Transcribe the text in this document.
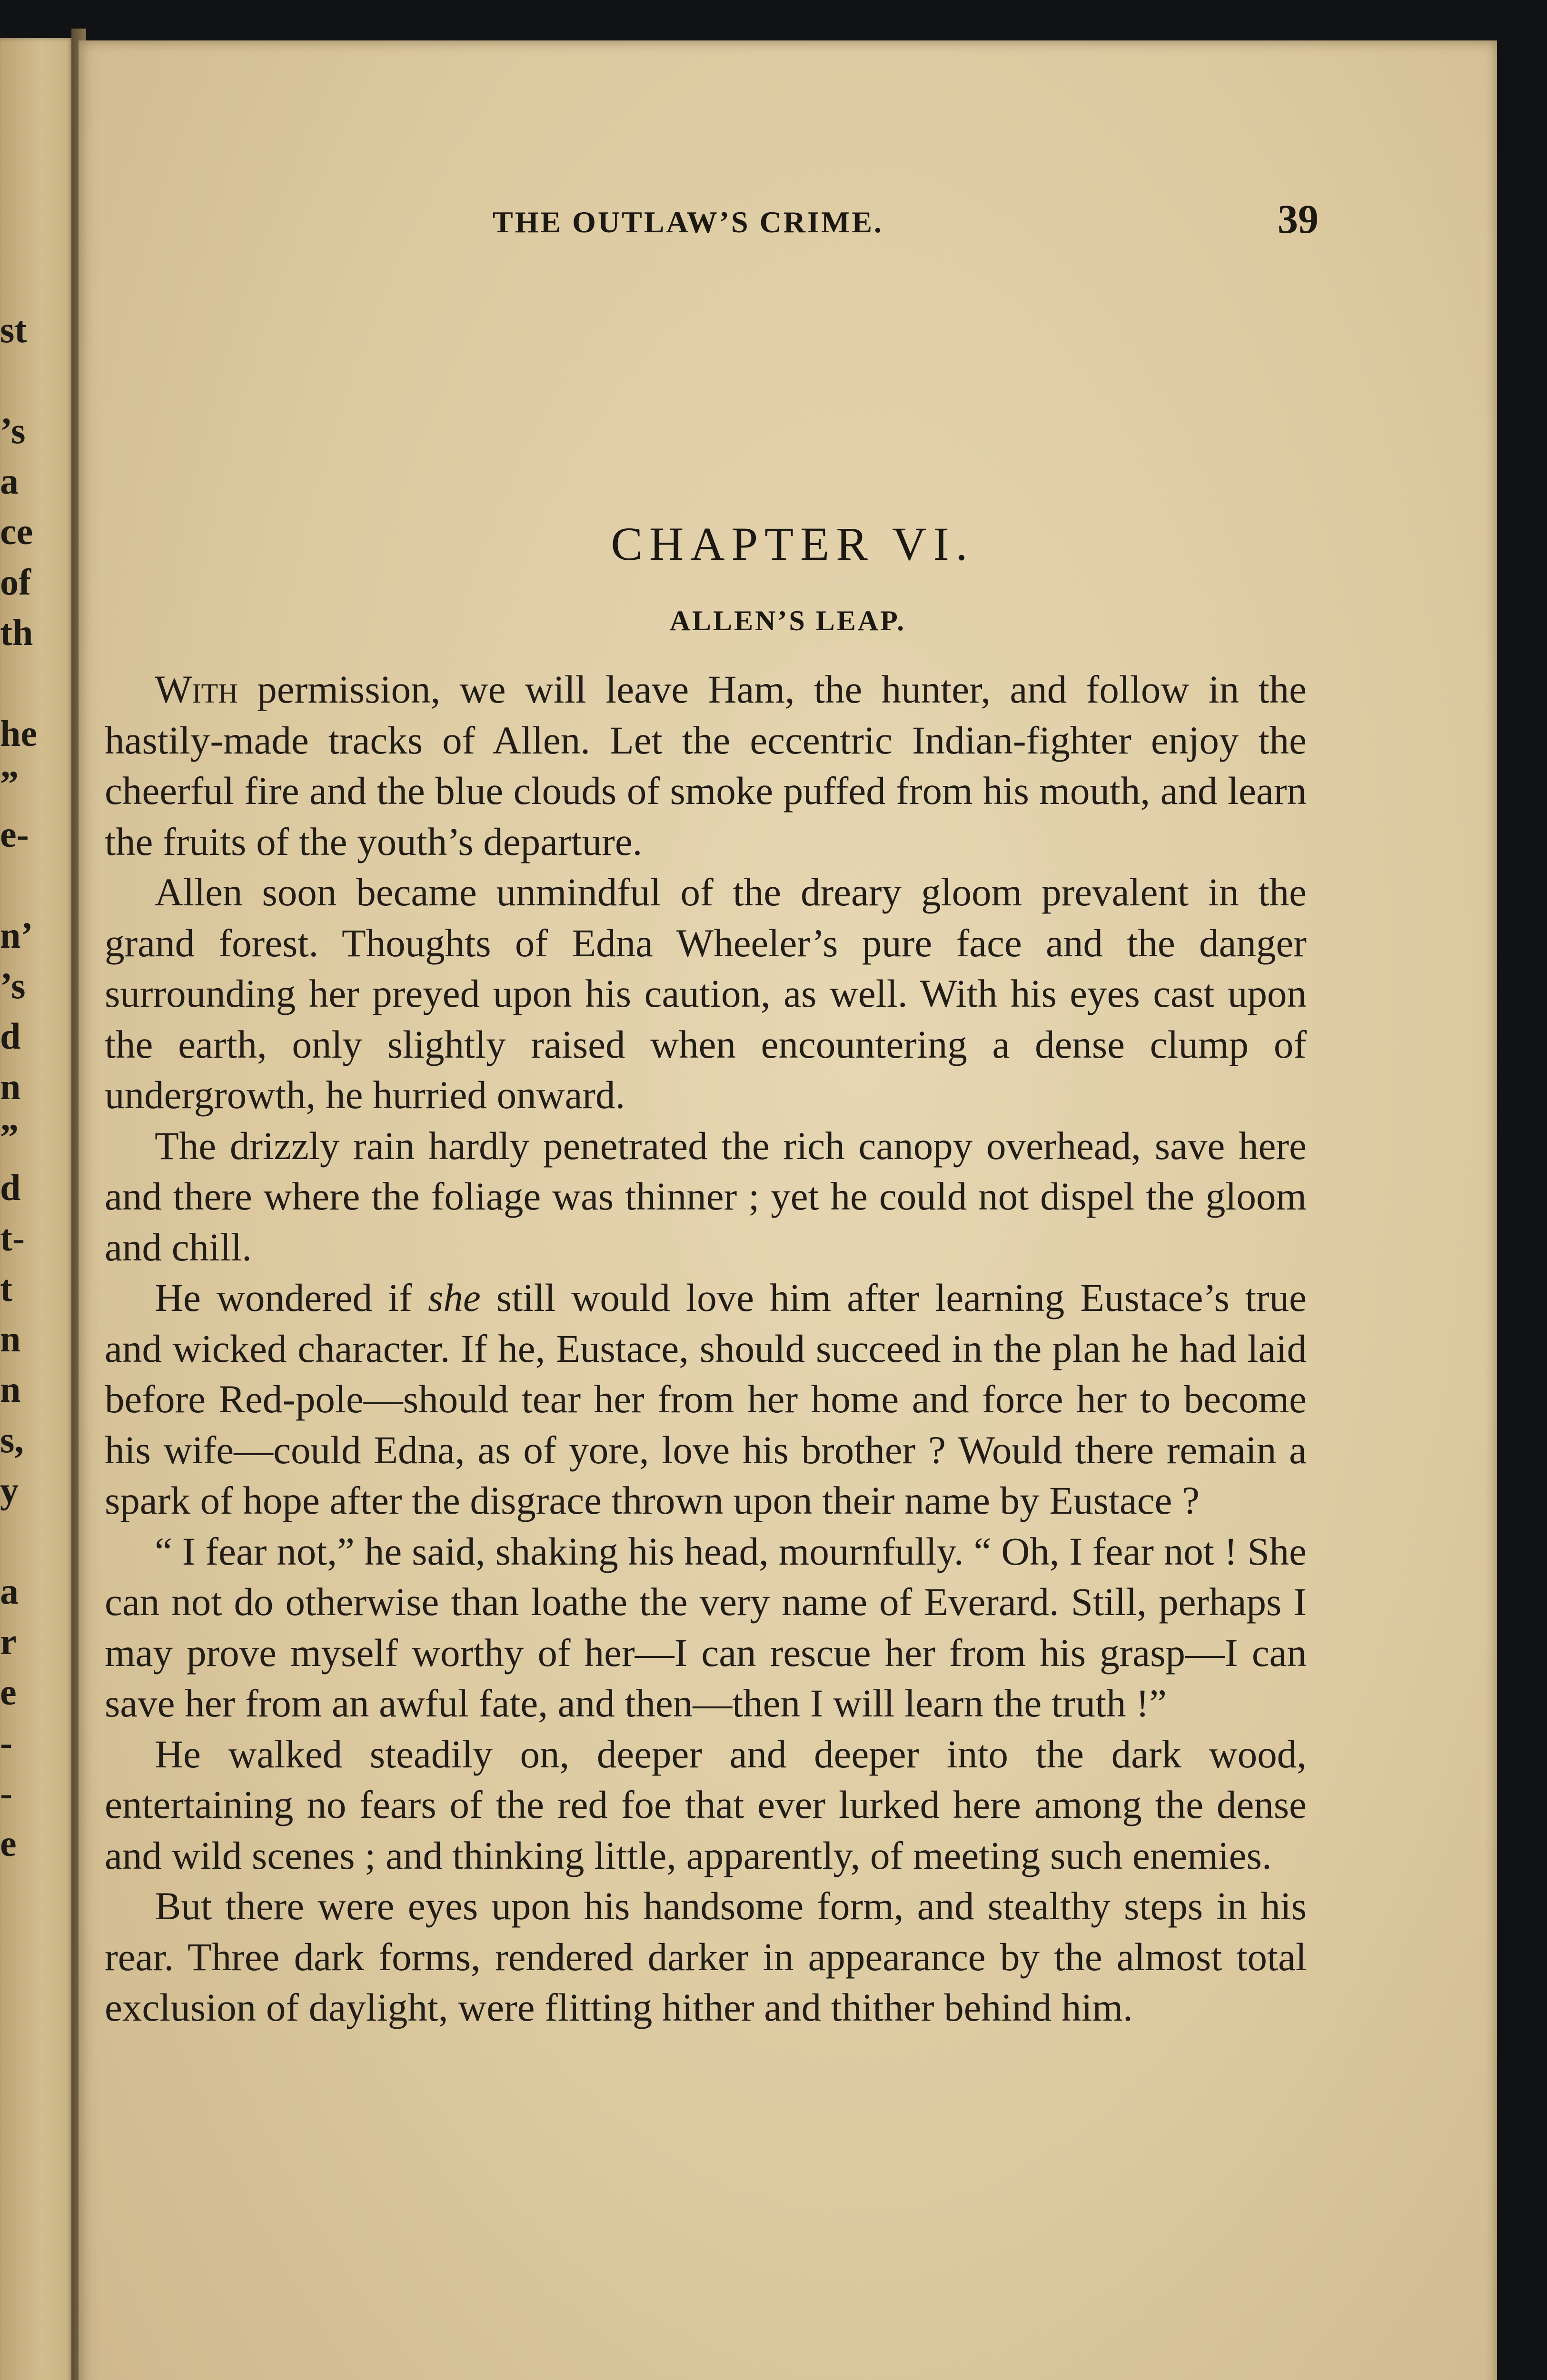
st
’s
a
ce
of
th
he
”
e-
n’
’s
d
n
”
d
t-
t
n
n
s,
y
a
r
e
-
-
e
THE OUTLAW’S CRIME.	39
CHAPTER VI.
ALLEN’S LEAP.

With permission, we will leave Ham, the hunter, and follow in the hastily-made tracks of Allen. Let the eccentric Indian-fighter enjoy the cheerful fire and the blue clouds of smoke puffed from his mouth, and learn the fruits of the youth’s departure.

Allen soon became unmindful of the dreary gloom prevalent in the grand forest. Thoughts of Edna Wheeler’s pure face and the danger surrounding her preyed upon his caution, as well. With his eyes cast upon the earth, only slightly raised when encountering a dense clump of undergrowth, he hurried onward.

The drizzly rain hardly penetrated the rich canopy overhead, save here and there where the foliage was thinner ; yet he could not dispel the gloom and chill.

He wondered if she still would love him after learning Eustace’s true and wicked character. If he, Eustace, should succeed in the plan he had laid before Red-pole—should tear her from her home and force her to become his wife—could Edna, as of yore, love his brother ? Would there remain a spark of hope after the disgrace thrown upon their name by Eustace ?

“ I fear not,” he said, shaking his head, mournfully. “ Oh, I fear not ! She can not do otherwise than loathe the very name of Everard. Still, perhaps I may prove myself worthy of her—I can rescue her from his grasp—I can save her from an awful fate, and then—then I will learn the truth !”

He walked steadily on, deeper and deeper into the dark wood, entertaining no fears of the red foe that ever lurked here among the dense and wild scenes ; and thinking little, apparently, of meeting such enemies.

But there were eyes upon his handsome form, and stealthy steps in his rear. Three dark forms, rendered darker in appearance by the almost total exclusion of daylight, were flitting hither and thither behind him.
